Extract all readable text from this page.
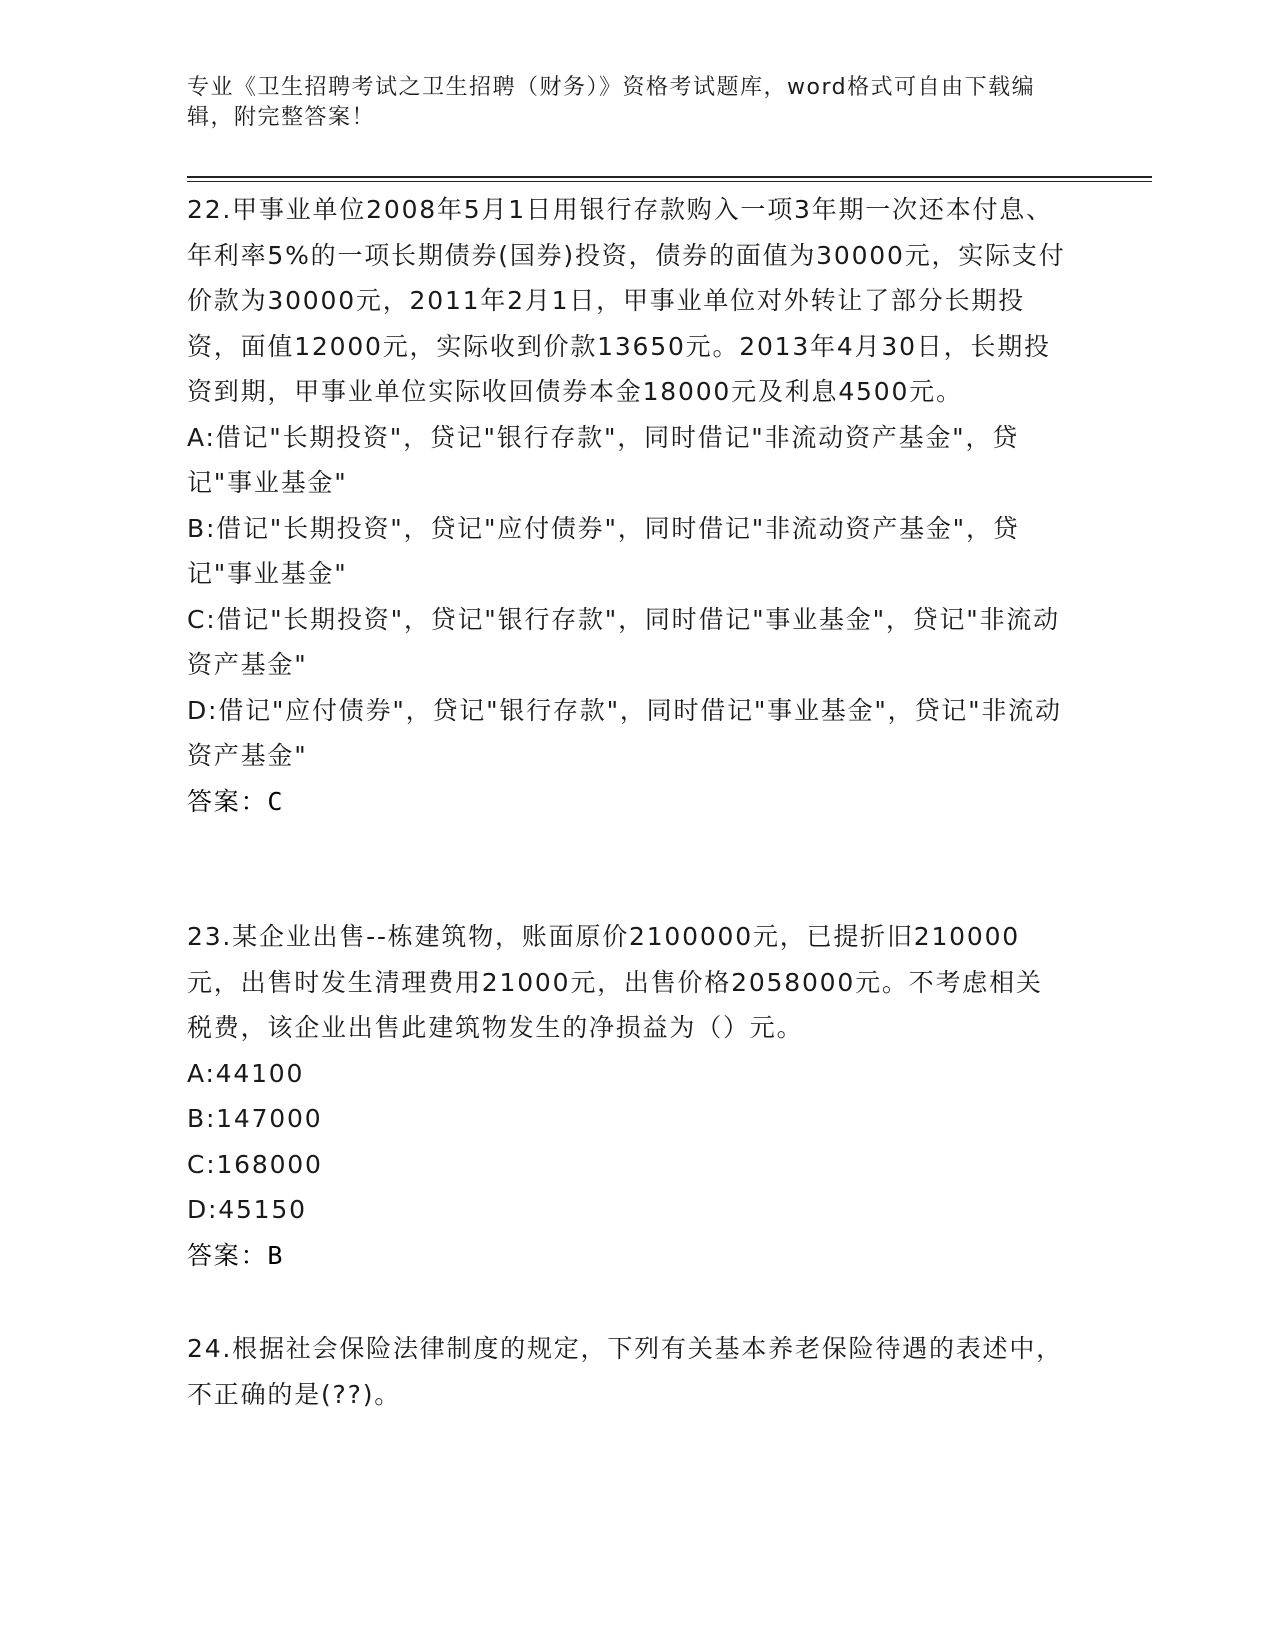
专业《卫生招聘考试之卫生招聘（财务）》资格考试题库，word格式可自由下载编辑，附完整答案！

22.甲事业单位2008年5月1日用银行存款购入一项3年期一次还本付息、年利率5%的一项长期债券(国券)投资，债券的面值为30000元，实际支付价款为30000元，2011年2月1日，甲事业单位对外转让了部分长期投资，面值12000元，实际收到价款13650元。2013年4月30日，长期投资到期，甲事业单位实际收回债券本金18000元及利息4500元。

A:借记"长期投资"，贷记"银行存款"，同时借记"非流动资产基金"，贷记"事业基金"

B:借记"长期投资"，贷记"应付债券"，同时借记"非流动资产基金"，贷记"事业基金"

C:借记"长期投资"，贷记"银行存款"，同时借记"事业基金"，贷记"非流动资产基金"

D:借记"应付债券"，贷记"银行存款"，同时借记"事业基金"，贷记"非流动资产基金"

答案：C

23.某企业出售--栋建筑物，账面原价2100000元，已提折旧210000元，出售时发生清理费用21000元，出售价格2058000元。不考虑相关税费，该企业出售此建筑物发生的净损益为（）元。

A:44100

B:147000

C:168000

D:45150

答案：B

24.根据社会保险法律制度的规定，下列有关基本养老保险待遇的表述中，不正确的是(??)。
